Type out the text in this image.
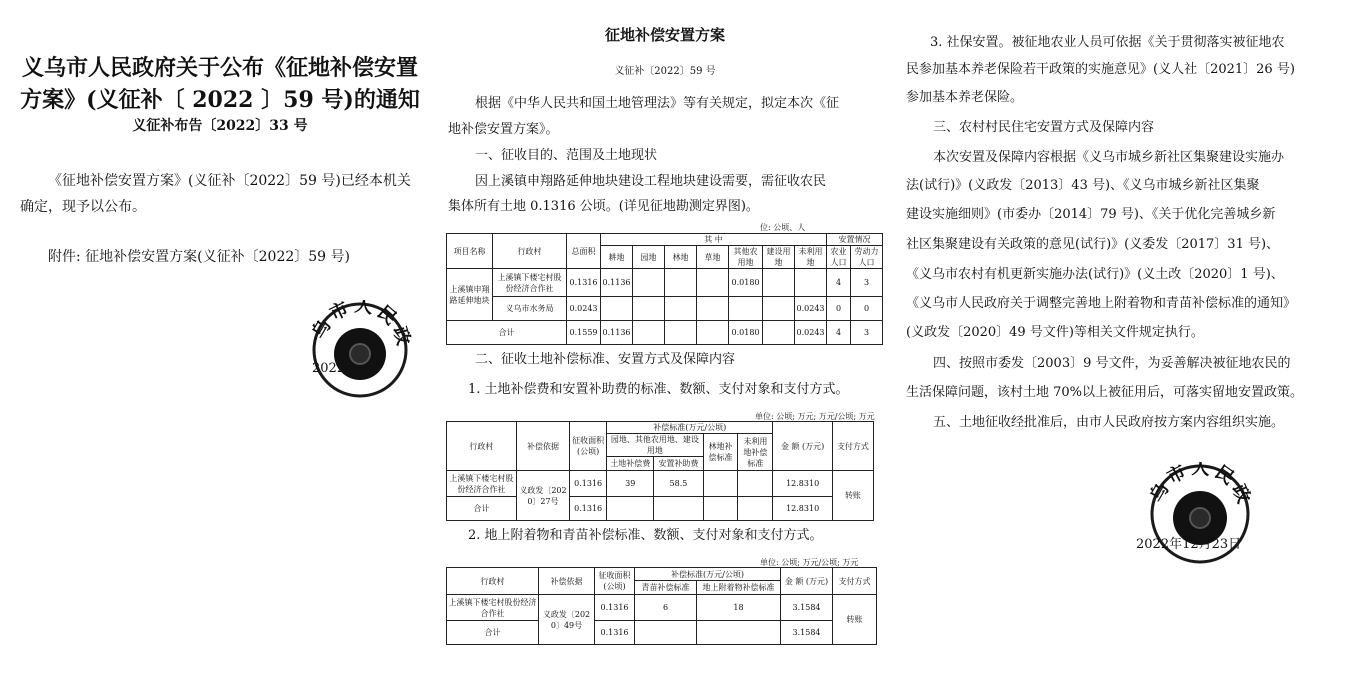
义乌市人民政府关于公布《征地补偿安置
方案》(义征补〔 2022 〕59 号)的通知
义征补布告〔2022〕33 号
《征地补偿安置方案》(义征补〔2022〕59 号)已经本机关
确定，现予以公布。
附件: 征地补偿安置方案(义征补〔2022〕59 号)
乌市人民政
2022
征地补偿安置方案
义征补〔2022〕59 号
根据《中华人民共和国土地管理法》等有关规定，拟定本次《征
地补偿安置方案》。
一、征收目的、范围及土地现状
因上溪镇申翔路延伸地块建设工程地块建设需要，需征收农民
集体所有土地 0.1316 公顷。(详见征地勘测定界图)。
位: 公顷、人
项目名称	行政村	总面积	其 中							安置情况	
			耕地	园地	林地	草地	其他农用地	建设用地	未利用地	农业人口	劳动力人口
上溪镇申翔路延伸地块	上溪镇下楼宅村股份经济合作社	0.1316	0.1136				0.0180			4	3
	义乌市水务局	0.0243							0.0243	0	0
合计		0.1559	0.1136				0.0180		0.0243	4	3
二、征收土地补偿标准、安置方式及保障内容
1. 土地补偿费和安置补助费的标准、数额、支付对象和支付方式。
单位: 公顷; 万元; 万元/公顷; 万元
行政村	补偿依据	征收面积(公顷)	补偿标准(万元/公顷)				金 额 (万元)	支付方式
			园地、其他农用地、建设用地		林地补偿标准	未利用地补偿标准		
			土地补偿费	安置补助费				
上溪镇下楼宅村股份经济合作社	义政发〔2020〕27号	0.1316	39	58.5			12.8310	转账
合计		0.1316					12.8310	
2. 地上附着物和青苗补偿标准、数额、支付对象和支付方式。
单位: 公顷; 万元/公顷; 万元
行政村	补偿依据	征收面积(公顷)	补偿标准(万元/公顷)		金 额 (万元)	支付方式
			青苗补偿标准	地上附着物补偿标准		
上溪镇下楼宅村股份经济合作社	义政发〔2020〕49号	0.1316	6	18	3.1584	转账
合计		0.1316			3.1584	
3. 社保安置。被征地农业人员可依据《关于贯彻落实被征地农
民参加基本养老保险若干政策的实施意见》(义人社〔2021〕26 号)
参加基本养老保险。
三、农村村民住宅安置方式及保障内容
本次安置及保障内容根据《义乌市城乡新社区集聚建设实施办
法(试行)》(义政发〔2013〕43 号)、《义乌市城乡新社区集聚
建设实施细则》(市委办〔2014〕79 号)、《关于优化完善城乡新
社区集聚建设有关政策的意见(试行)》(义委发〔2017〕31 号)、
《义乌市农村有机更新实施办法(试行)》(义土改〔2020〕1 号)、
《义乌市人民政府关于调整完善地上附着物和青苗补偿标准的通知》
(义政发〔2020〕49 号文件)等相关文件规定执行。
四、按照市委发〔2003〕9 号文件，为妥善解决被征地农民的
生活保障问题，该村土地 70%以上被征用后，可落实留地安置政策。
五、土地征收经批准后，由市人民政府按方案内容组织实施。
乌市人民政
2022年12月23日
